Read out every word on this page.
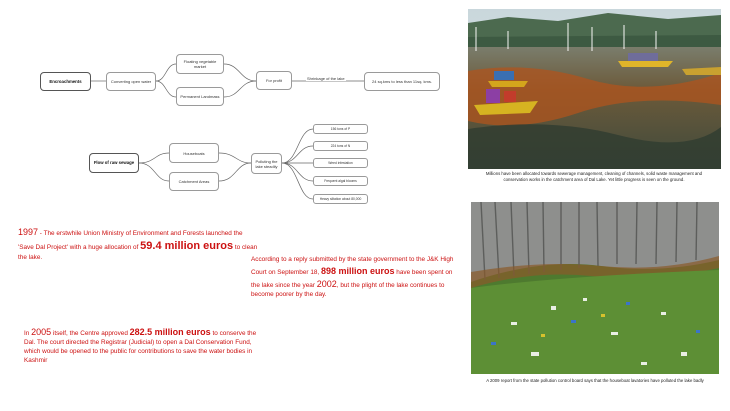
Encroachments	Converting open water
Floating vegetable market
Permanent Landmass
For profit	Shrinkage of the lake
24 sq.kms to less than 11sq. kms.
Flow of raw sewage
Houseboats
Catchment Areas
Polluting the lake steadily
156 tons of P
224 tons of N
Weed infestation
Frequent algal blooms
Heavy siltation about 80,000
1997 - The erstwhile Union Ministry of Environment and Forests launched the 'Save Dal Project' with a huge allocation of 59.4 million euros to clean the lake.	According to a reply submitted by the state government to the J&K High Court on September 18, 898 million euros have been spent on the lake since the year 2002, but the plight of the lake continues to become poorer by the day.
In 2005 itself, the Centre approved 282.5 million euros to conserve the Dal. The court directed the Registrar (Judicial) to open a Dal Conservation Fund, which would be opened to the public for contributions to save the water bodies in Kashmir
Millions have been allocated towards sewerage management, cleaning of channels, solid waste management and conservation works in the catchment area of Dal Lake. Yet little progress is seen on the ground.
A 2009 report from the state pollution control board says that the houseboat lavatories have polluted the lake badly
